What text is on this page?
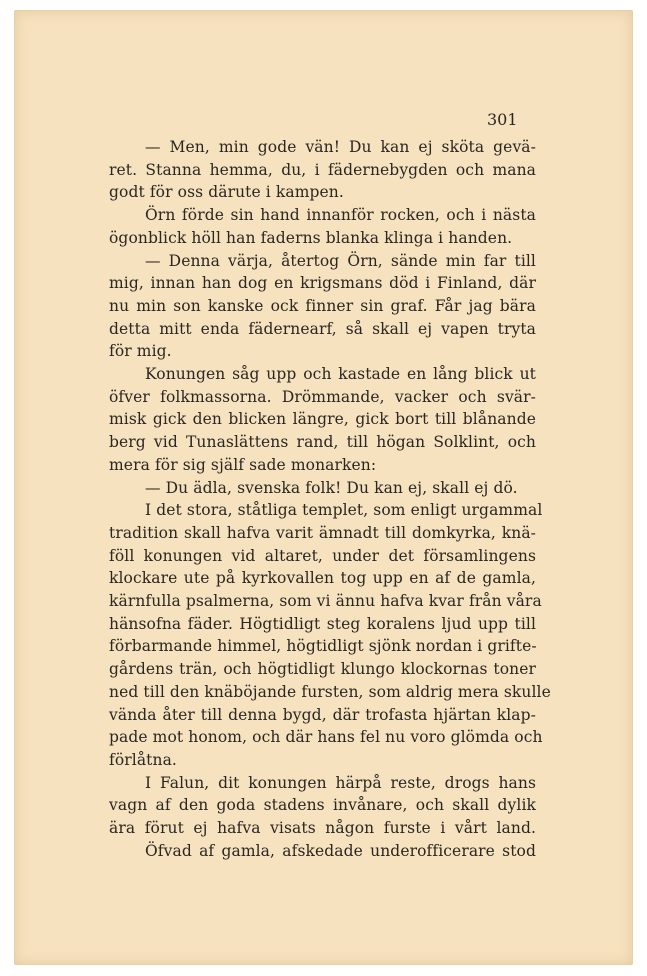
301

— Men, min gode vän! Du kan ej sköta gevä-

ret. Stanna hemma, du, i fädernebygden och mana

godt för oss därute i kampen.

Örn förde sin hand innanför rocken, och i nästa

ögonblick höll han faderns blanka klinga i handen.

— Denna värja, återtog Örn, sände min far till

mig, innan han dog en krigsmans död i Finland, där

nu min son kanske ock finner sin graf. Får jag bära

detta mitt enda fädernearf, så skall ej vapen tryta

för mig.

Konungen såg upp och kastade en lång blick ut

öfver folkmassorna. Drömmande, vacker och svär-

misk gick den blicken längre, gick bort till blånande

berg vid Tunaslättens rand, till högan Solklint, och

mera för sig själf sade monarken:

— Du ädla, svenska folk! Du kan ej, skall ej dö.

I det stora, ståtliga templet, som enligt urgammal

tradition skall hafva varit ämnadt till domkyrka, knä-

föll konungen vid altaret, under det församlingens

klockare ute på kyrkovallen tog upp en af de gamla,

kärnfulla psalmerna, som vi ännu hafva kvar från våra

hänsofna fäder. Högtidligt steg koralens ljud upp till

förbarmande himmel, högtidligt sjönk nordan i grifte-

gårdens trän, och högtidligt klungo klockornas toner

ned till den knäböjande fursten, som aldrig mera skulle

vända åter till denna bygd, där trofasta hjärtan klap-

pade mot honom, och där hans fel nu voro glömda och

förlåtna.

I Falun, dit konungen härpå reste, drogs hans

vagn af den goda stadens invånare, och skall dylik

ära förut ej hafva visats någon furste i vårt land.

Öfvad af gamla, afskedade underofficerare stod
